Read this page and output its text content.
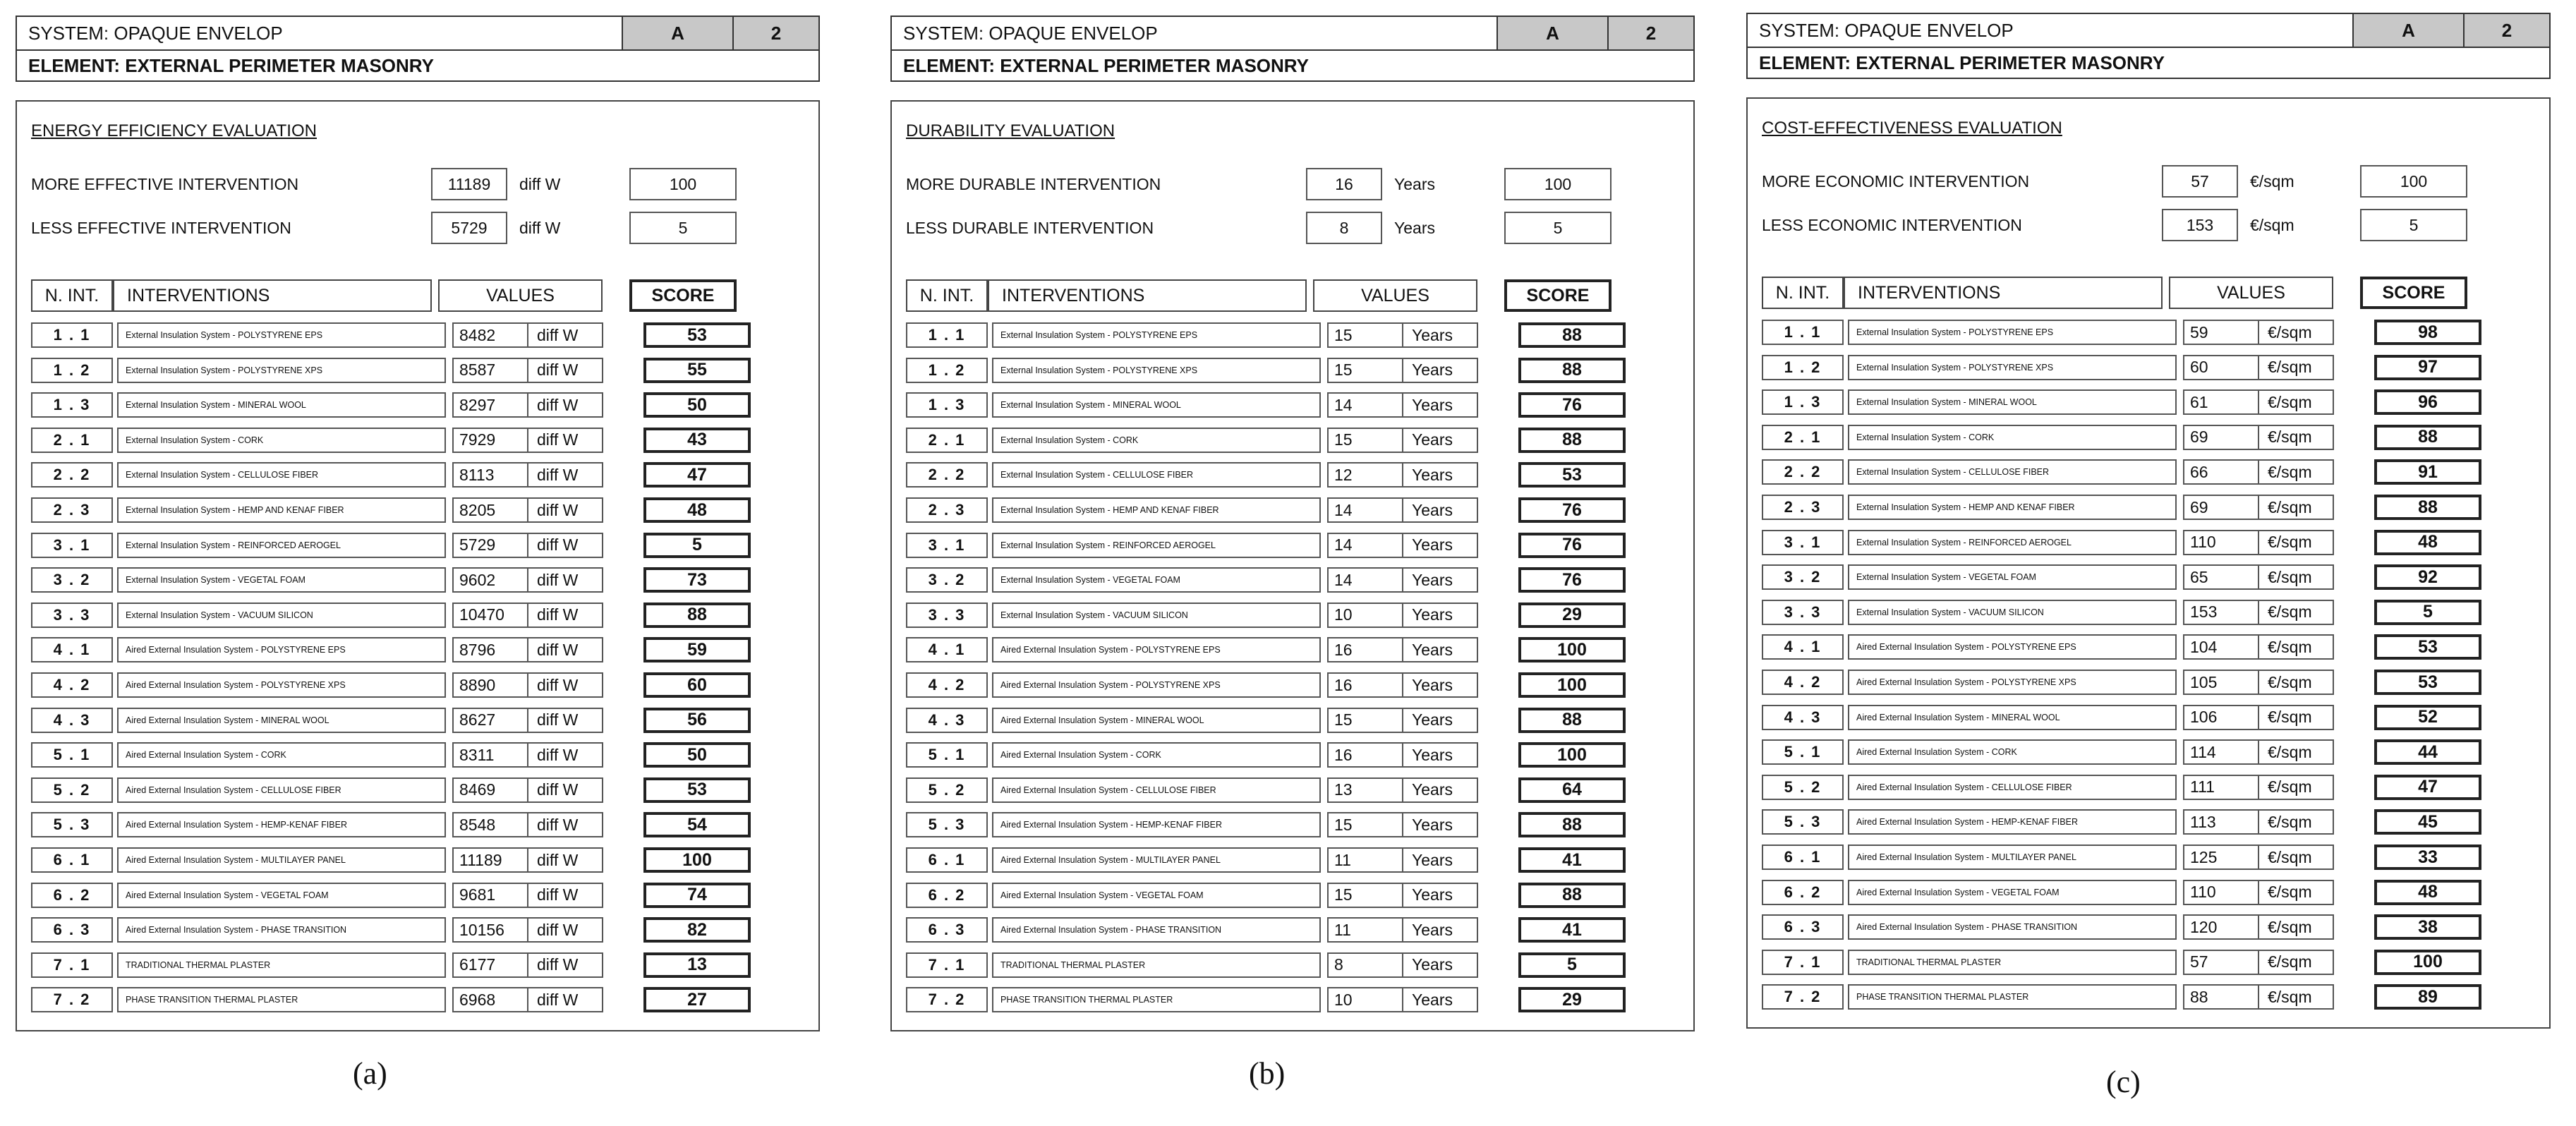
SYSTEM: OPAQUE ENVELOP	A	2
ELEMENT: EXTERNAL PERIMETER MASONRY
ENERGY EFFICIENCY EVALUATION
MORE EFFECTIVE INTERVENTION	11189	diff W	100
LESS EFFECTIVE INTERVENTION	5729	diff W	5
N. INT.	INTERVENTIONS	VALUES	SCORE
1 . 1	External Insulation System - POLYSTYRENE EPS	8482	diff W	53
1 . 2	External Insulation System - POLYSTYRENE XPS	8587	diff W	55
1 . 3	External Insulation System - MINERAL WOOL	8297	diff W	50
2 . 1	External Insulation System - CORK	7929	diff W	43
2 . 2	External Insulation System - CELLULOSE FIBER	8113	diff W	47
2 . 3	External Insulation System - HEMP AND KENAF FIBER	8205	diff W	48
3 . 1	External Insulation System - REINFORCED AEROGEL	5729	diff W	5
3 . 2	External Insulation System - VEGETAL FOAM	9602	diff W	73
3 . 3	External Insulation System - VACUUM SILICON	10470	diff W	88
4 . 1	Aired External Insulation System - POLYSTYRENE EPS	8796	diff W	59
4 . 2	Aired External Insulation System - POLYSTYRENE XPS	8890	diff W	60
4 . 3	Aired External Insulation System - MINERAL WOOL	8627	diff W	56
5 . 1	Aired External Insulation System - CORK	8311	diff W	50
5 . 2	Aired External Insulation System - CELLULOSE FIBER	8469	diff W	53
5 . 3	Aired External Insulation System - HEMP-KENAF FIBER	8548	diff W	54
6 . 1	Aired External Insulation System - MULTILAYER PANEL	11189	diff W	100
6 . 2	Aired External Insulation System - VEGETAL FOAM	9681	diff W	74
6 . 3	Aired External Insulation System - PHASE TRANSITION	10156	diff W	82
7 . 1	TRADITIONAL THERMAL PLASTER	6177	diff W	13
7 . 2	PHASE TRANSITION THERMAL PLASTER	6968	diff W	27
(a)
SYSTEM: OPAQUE ENVELOP	A	2
ELEMENT: EXTERNAL PERIMETER MASONRY
DURABILITY EVALUATION
MORE DURABLE INTERVENTION	16	Years	100
LESS DURABLE INTERVENTION	8	Years	5
N. INT.	INTERVENTIONS	VALUES	SCORE
1 . 1	External Insulation System - POLYSTYRENE EPS	15	Years	88
1 . 2	External Insulation System - POLYSTYRENE XPS	15	Years	88
1 . 3	External Insulation System - MINERAL WOOL	14	Years	76
2 . 1	External Insulation System - CORK	15	Years	88
2 . 2	External Insulation System - CELLULOSE FIBER	12	Years	53
2 . 3	External Insulation System - HEMP AND KENAF FIBER	14	Years	76
3 . 1	External Insulation System - REINFORCED AEROGEL	14	Years	76
3 . 2	External Insulation System - VEGETAL FOAM	14	Years	76
3 . 3	External Insulation System - VACUUM SILICON	10	Years	29
4 . 1	Aired External Insulation System - POLYSTYRENE EPS	16	Years	100
4 . 2	Aired External Insulation System - POLYSTYRENE XPS	16	Years	100
4 . 3	Aired External Insulation System - MINERAL WOOL	15	Years	88
5 . 1	Aired External Insulation System - CORK	16	Years	100
5 . 2	Aired External Insulation System - CELLULOSE FIBER	13	Years	64
5 . 3	Aired External Insulation System - HEMP-KENAF FIBER	15	Years	88
6 . 1	Aired External Insulation System - MULTILAYER PANEL	11	Years	41
6 . 2	Aired External Insulation System - VEGETAL FOAM	15	Years	88
6 . 3	Aired External Insulation System - PHASE TRANSITION	11	Years	41
7 . 1	TRADITIONAL THERMAL PLASTER	8	Years	5
7 . 2	PHASE TRANSITION THERMAL PLASTER	10	Years	29
(b)
SYSTEM: OPAQUE ENVELOP	A	2
ELEMENT: EXTERNAL PERIMETER MASONRY
COST-EFFECTIVENESS EVALUATION
MORE ECONOMIC INTERVENTION	57	€/sqm	100
LESS ECONOMIC INTERVENTION	153	€/sqm	5
N. INT.	INTERVENTIONS	VALUES	SCORE
1 . 1	External Insulation System - POLYSTYRENE EPS	59	€/sqm	98
1 . 2	External Insulation System - POLYSTYRENE XPS	60	€/sqm	97
1 . 3	External Insulation System - MINERAL WOOL	61	€/sqm	96
2 . 1	External Insulation System - CORK	69	€/sqm	88
2 . 2	External Insulation System - CELLULOSE FIBER	66	€/sqm	91
2 . 3	External Insulation System - HEMP AND KENAF FIBER	69	€/sqm	88
3 . 1	External Insulation System - REINFORCED AEROGEL	110	€/sqm	48
3 . 2	External Insulation System - VEGETAL FOAM	65	€/sqm	92
3 . 3	External Insulation System - VACUUM SILICON	153	€/sqm	5
4 . 1	Aired External Insulation System - POLYSTYRENE EPS	104	€/sqm	53
4 . 2	Aired External Insulation System - POLYSTYRENE XPS	105	€/sqm	53
4 . 3	Aired External Insulation System - MINERAL WOOL	106	€/sqm	52
5 . 1	Aired External Insulation System - CORK	114	€/sqm	44
5 . 2	Aired External Insulation System - CELLULOSE FIBER	111	€/sqm	47
5 . 3	Aired External Insulation System - HEMP-KENAF FIBER	113	€/sqm	45
6 . 1	Aired External Insulation System - MULTILAYER PANEL	125	€/sqm	33
6 . 2	Aired External Insulation System - VEGETAL FOAM	110	€/sqm	48
6 . 3	Aired External Insulation System - PHASE TRANSITION	120	€/sqm	38
7 . 1	TRADITIONAL THERMAL PLASTER	57	€/sqm	100
7 . 2	PHASE TRANSITION THERMAL PLASTER	88	€/sqm	89
(c)
